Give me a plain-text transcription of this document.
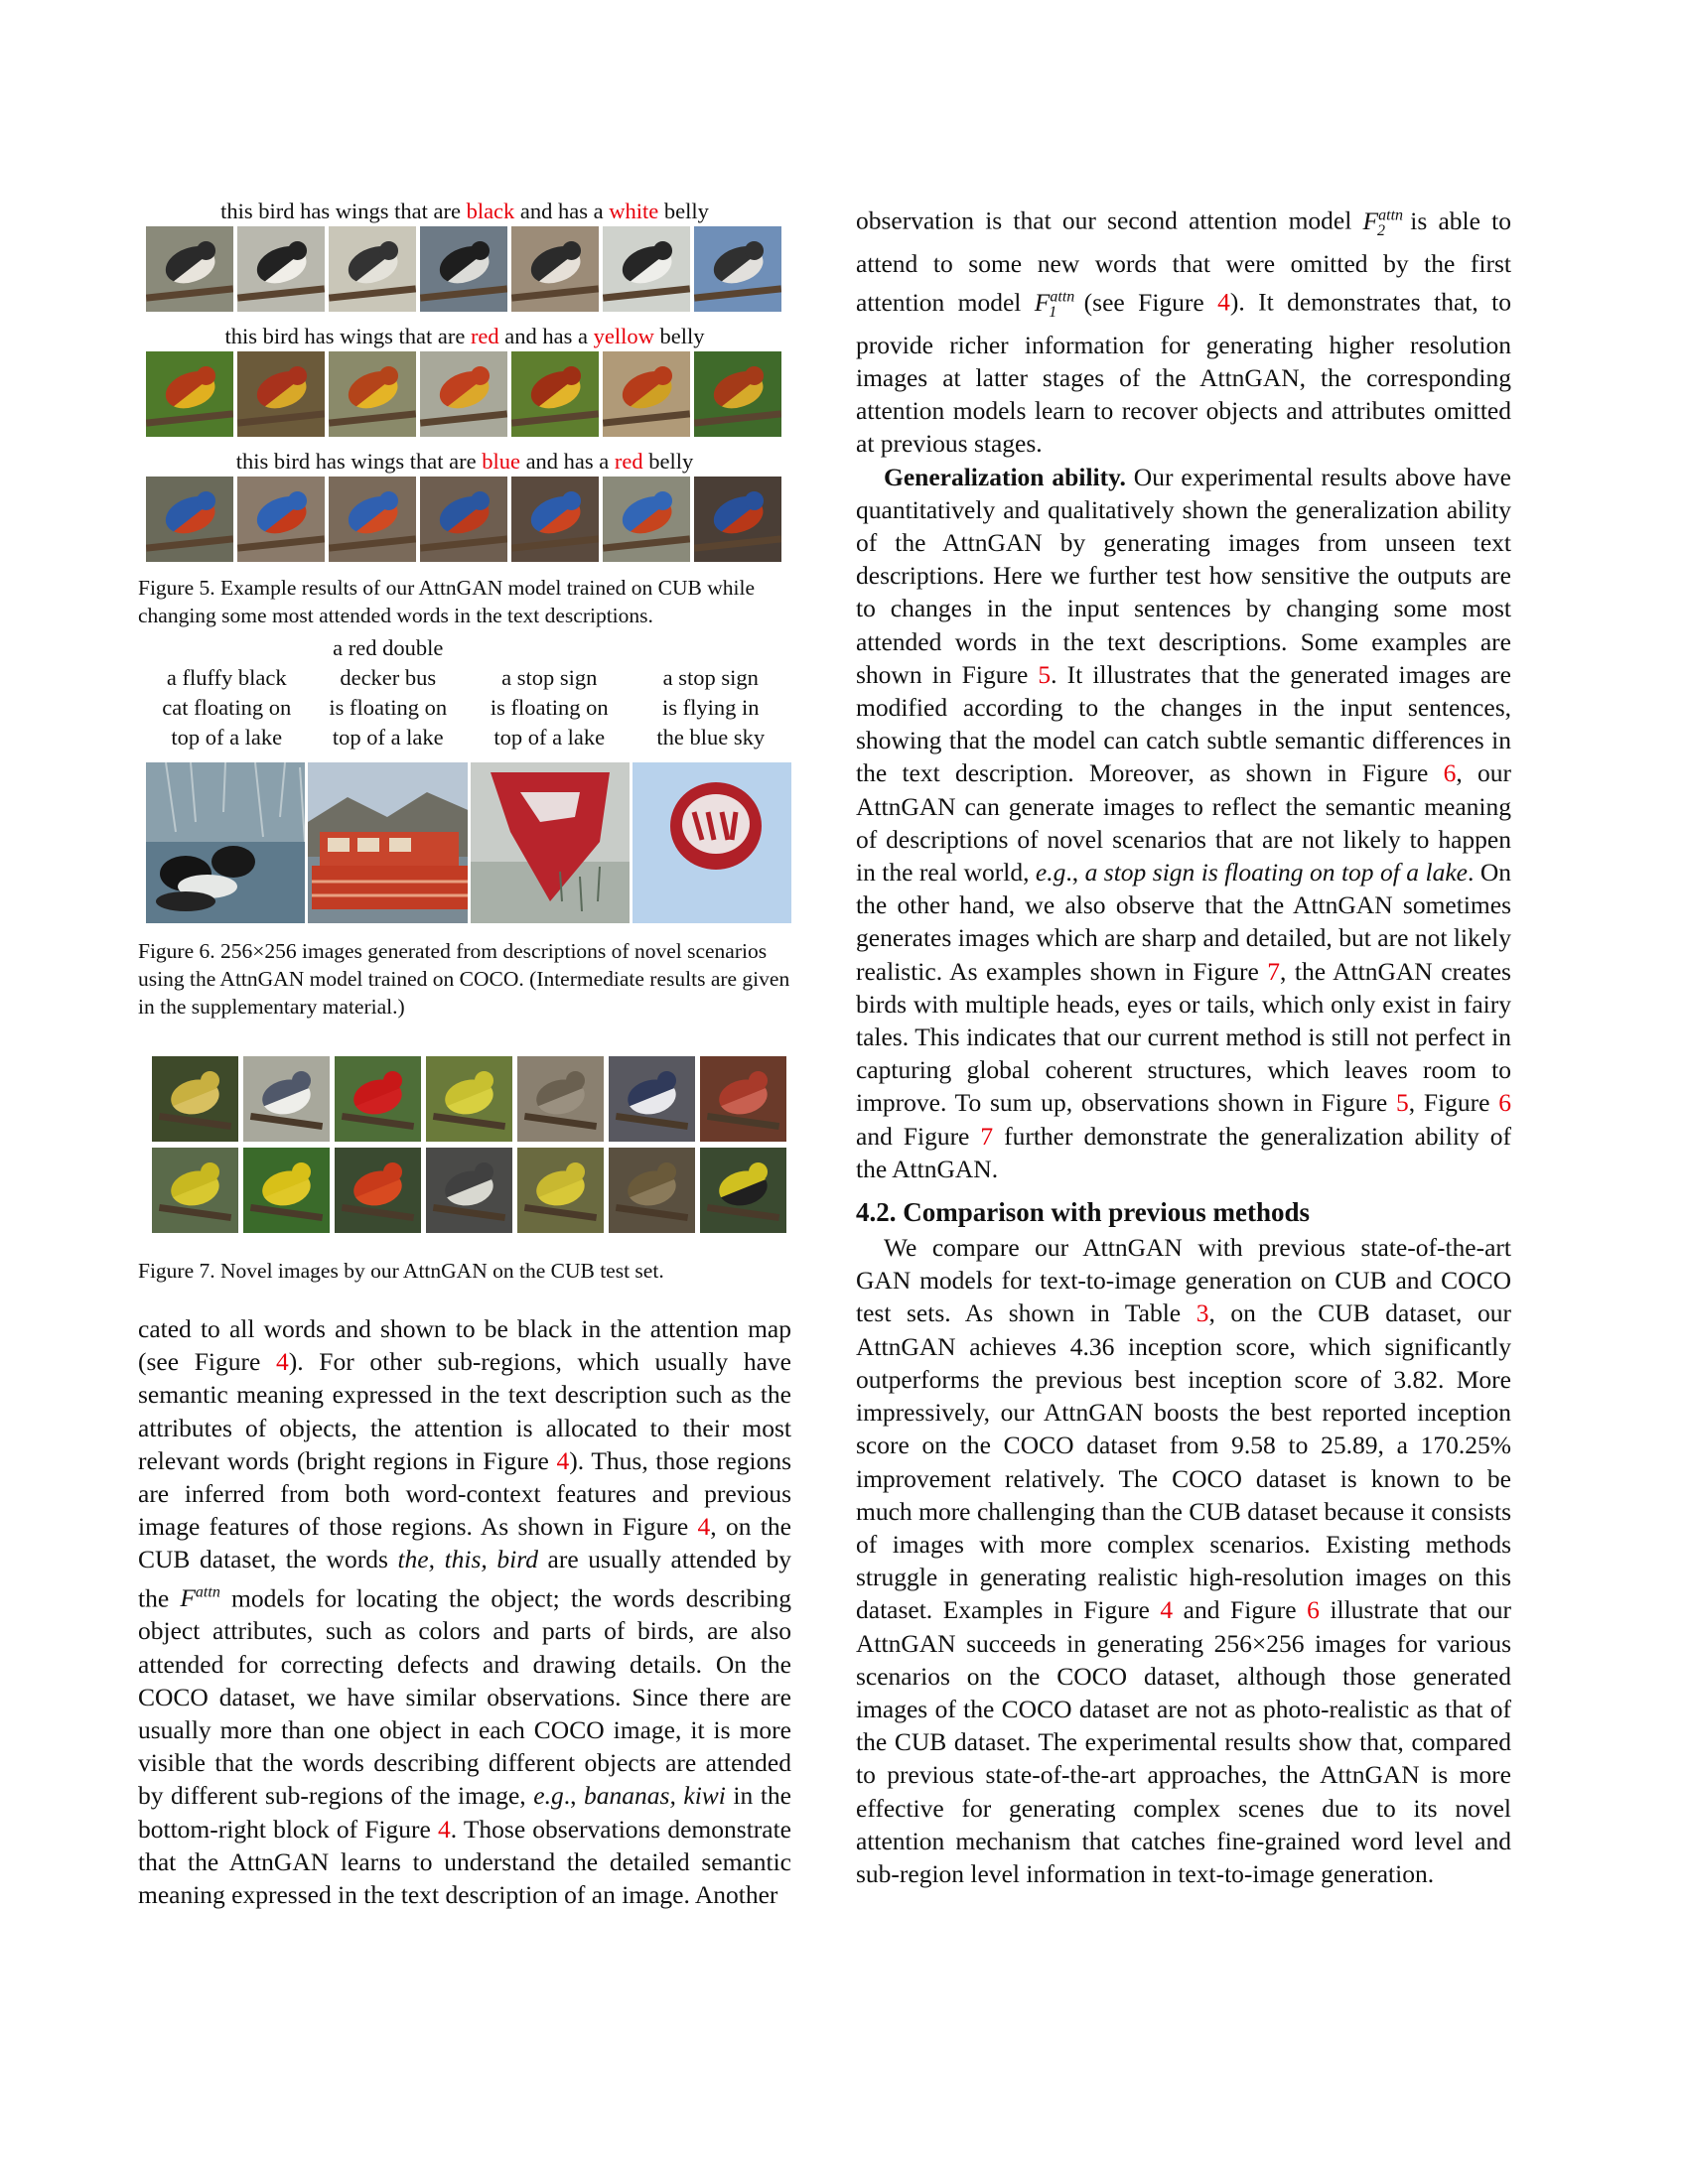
this bird has wings that are black and has a white belly
this bird has wings that are red and has a yellow belly
this bird has wings that are blue and has a red belly
Figure 5. Example results of our AttnGAN model trained on CUB while changing some most attended words in the text descriptions.
a fluffy black
cat floating on
top of a lake
a red double
decker bus
is floating on
top of a lake
a stop sign
is floating on
top of a lake
a stop sign
is flying in
the blue sky
Figure 6. 256×256 images generated from descriptions of novel scenarios using the AttnGAN model trained on COCO. (Intermediate results are given in the supplementary material.)
Figure 7. Novel images by our AttnGAN on the CUB test set.

cated to all words and shown to be black in the attention map (see Figure 4). For other sub-regions, which usually have semantic meaning expressed in the text description such as the attributes of objects, the attention is allocated to their most relevant words (bright regions in Figure 4). Thus, those regions are inferred from both word-context features and previous image features of those regions. As shown in Figure 4, on the CUB dataset, the words the, this, bird are usually attended by the $F^{attn}$ models for locating the object; the words describing object attributes, such as colors and parts of birds, are also attended for correcting defects and drawing details. On the COCO dataset, we have similar observations. Since there are usually more than one object in each COCO image, it is more visible that the words describing different objects are attended by different sub-regions of the image, e.g., bananas, kiwi in the bottom-right block of Figure 4. Those observations demonstrate that the AttnGAN learns to understand the detailed semantic meaning expressed in the text description of an image. Another

observation is that our second attention model $F^{attn}_2$ is able to attend to some new words that were omitted by the first attention model $F^{attn}_1$ (see Figure 4). It demonstrates that, to provide richer information for generating higher resolution images at latter stages of the AttnGAN, the corresponding attention models learn to recover objects and attributes omitted at previous stages.

Generalization ability. Our experimental results above have quantitatively and qualitatively shown the generalization ability of the AttnGAN by generating images from unseen text descriptions. Here we further test how sensitive the outputs are to changes in the input sentences by changing some most attended words in the text descriptions. Some examples are shown in Figure 5. It illustrates that the generated images are modified according to the changes in the input sentences, showing that the model can catch subtle semantic differences in the text description. Moreover, as shown in Figure 6, our AttnGAN can generate images to reflect the semantic meaning of descriptions of novel scenarios that are not likely to happen in the real world, e.g., a stop sign is floating on top of a lake. On the other hand, we also observe that the AttnGAN sometimes generates images which are sharp and detailed, but are not likely realistic. As examples shown in Figure 7, the AttnGAN creates birds with multiple heads, eyes or tails, which only exist in fairy tales. This indicates that our current method is still not perfect in capturing global coherent structures, which leaves room to improve. To sum up, observations shown in Figure 5, Figure 6 and Figure 7 further demonstrate the generalization ability of the AttnGAN.

4.2. Comparison with previous methods

We compare our AttnGAN with previous state-of-the-art GAN models for text-to-image generation on CUB and COCO test sets. As shown in Table 3, on the CUB dataset, our AttnGAN achieves 4.36 inception score, which significantly outperforms the previous best inception score of 3.82. More impressively, our AttnGAN boosts the best reported inception score on the COCO dataset from 9.58 to 25.89, a 170.25% improvement relatively. The COCO dataset is known to be much more challenging than the CUB dataset because it consists of images with more complex scenarios. Existing methods struggle in generating realistic high-resolution images on this dataset. Examples in Figure 4 and Figure 6 illustrate that our AttnGAN succeeds in generating 256×256 images for various scenarios on the COCO dataset, although those generated images of the COCO dataset are not as photo-realistic as that of the CUB dataset. The experimental results show that, compared to previous state-of-the-art approaches, the AttnGAN is more effective for generating complex scenes due to its novel attention mechanism that catches fine-grained word level and sub-region level information in text-to-image generation.
